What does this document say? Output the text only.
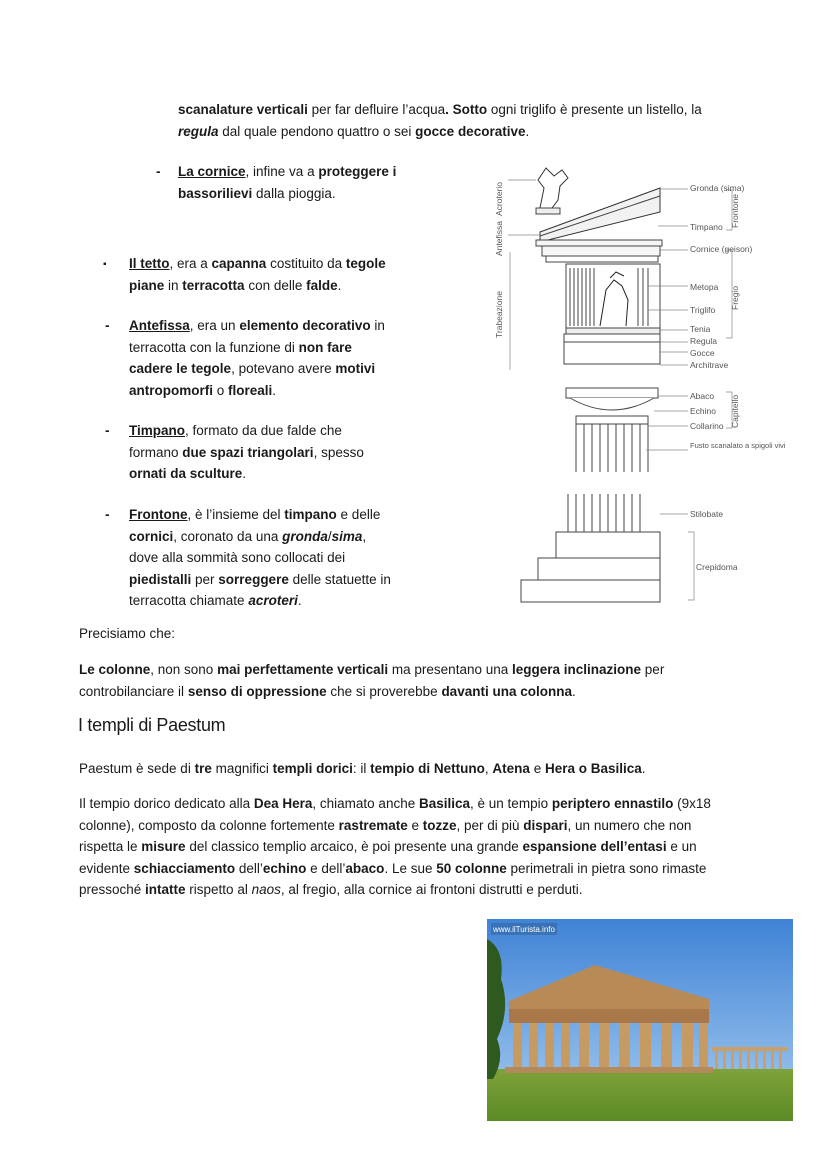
scanalature verticali per far defluire l’acqua. Sotto ogni triglifo è presente un listello, la

regula dal quale pendono quattro o sei gocce decorative.

- La cornice, infine va a proteggere i

bassorilievi dalla pioggia.

▪ Il tetto, era a capanna costituito da tegole

piane in terracotta con delle falde.

- Antefissa, era un elemento decorativo in

terracotta con la funzione di non fare

cadere le tegole, potevano avere motivi

antropomorfi o floreali.

- Timpano, formato da due falde che

formano due spazi triangolari, spesso

ornati da sculture.

- Frontone, è l’insieme del timpano e delle

cornici, coronato da una gronda/sima,

dove alla sommità sono collocati dei

piedistalli per sorreggere delle statuette in

terracotta chiamate acroteri.

Acroterio
Antefissa
Trabeazione
Gronda (sima)
Timpano
Cornice (geison)
Metopa
Triglifo
Tenia
Regula
Gocce
Architrave
Abaco
Echino
Collarino
Fusto scanalato a spigoli vivi
Stilobate
Crepidoma
Frontone
Fregio
Capitello

Precisiamo che:

Le colonne, non sono mai perfettamente verticali ma presentano una leggera inclinazione per

controbilanciare il senso di oppressione che si proverebbe davanti una colonna.

I templi di Paestum

Paestum è sede di tre magnifici templi dorici: il tempio di Nettuno, Atena e Hera o Basilica.

Il tempio dorico dedicato alla Dea Hera, chiamato anche Basilica, è un tempio periptero ennastilo (9x18

colonne), composto da colonne fortemente rastremate e tozze, per di più dispari, un numero che non

rispetta le misure del classico templio arcaico, è poi presente una grande espansione dell’entasi e un

evidente schiacciamento dell’echino e dell’abaco. Le sue 50 colonne perimetrali in pietra sono rimaste

pressoché intatte rispetto al naos, al fregio, alla cornice ai frontoni distrutti e perduti.

www.ilTurista.info
